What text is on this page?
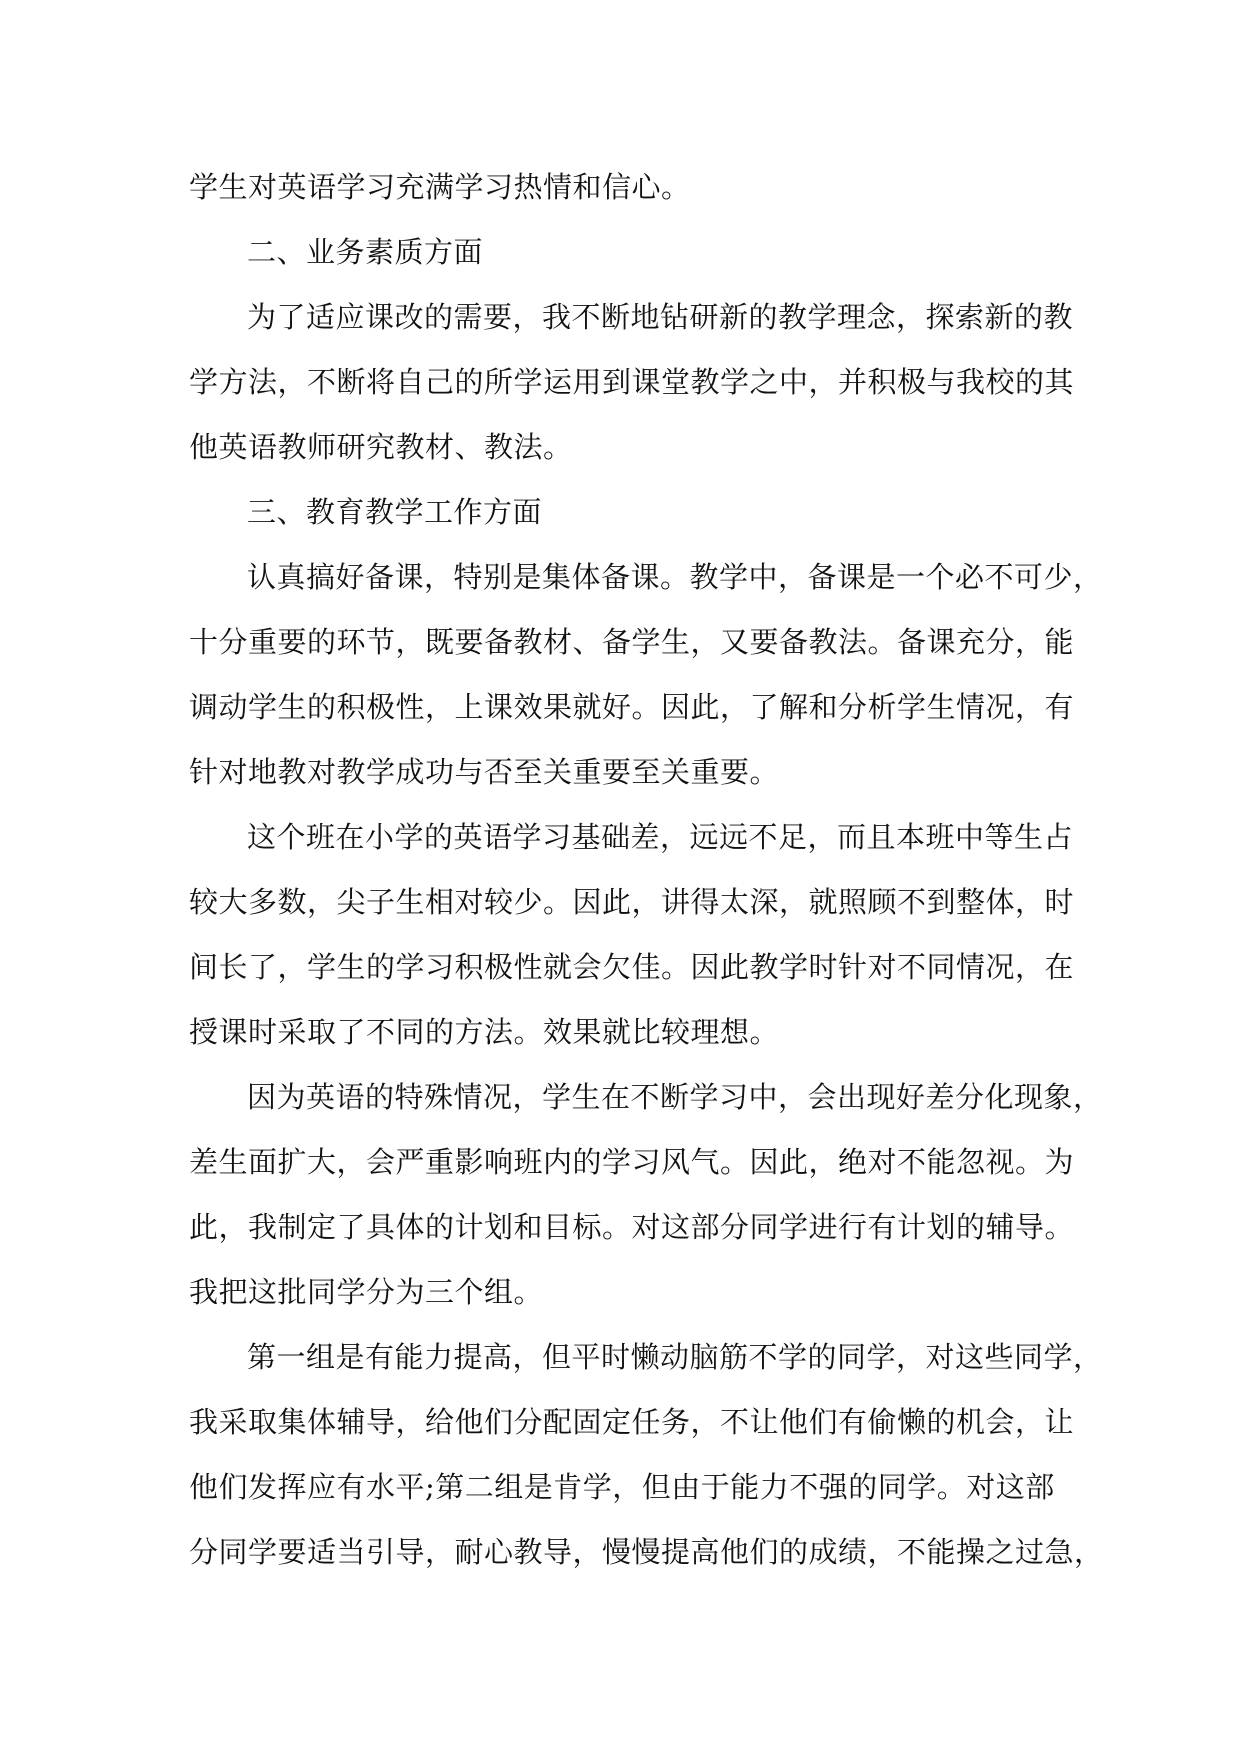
学生对英语学习充满学习热情和信心。
二、业务素质方面
为了适应课改的需要，我不断地钻研新的教学理念，探索新的教
学方法，不断将自己的所学运用到课堂教学之中，并积极与我校的其
他英语教师研究教材、教法。
三、教育教学工作方面
认真搞好备课，特别是集体备课。教学中，备课是一个必不可少，
十分重要的环节，既要备教材、备学生，又要备教法。备课充分，能
调动学生的积极性，上课效果就好。因此，了解和分析学生情况，有
针对地教对教学成功与否至关重要至关重要。
这个班在小学的英语学习基础差，远远不足，而且本班中等生占
较大多数，尖子生相对较少。因此，讲得太深，就照顾不到整体，时
间长了，学生的学习积极性就会欠佳。因此教学时针对不同情况，在
授课时采取了不同的方法。效果就比较理想。
因为英语的特殊情况，学生在不断学习中，会出现好差分化现象，
差生面扩大，会严重影响班内的学习风气。因此，绝对不能忽视。为
此，我制定了具体的计划和目标。对这部分同学进行有计划的辅导。
我把这批同学分为三个组。
第一组是有能力提高，但平时懒动脑筋不学的同学，对这些同学，
我采取集体辅导，给他们分配固定任务，不让他们有偷懒的机会，让
他们发挥应有水平;第二组是肯学，但由于能力不强的同学。对这部
分同学要适当引导，耐心教导，慢慢提高他们的成绩，不能操之过急，
